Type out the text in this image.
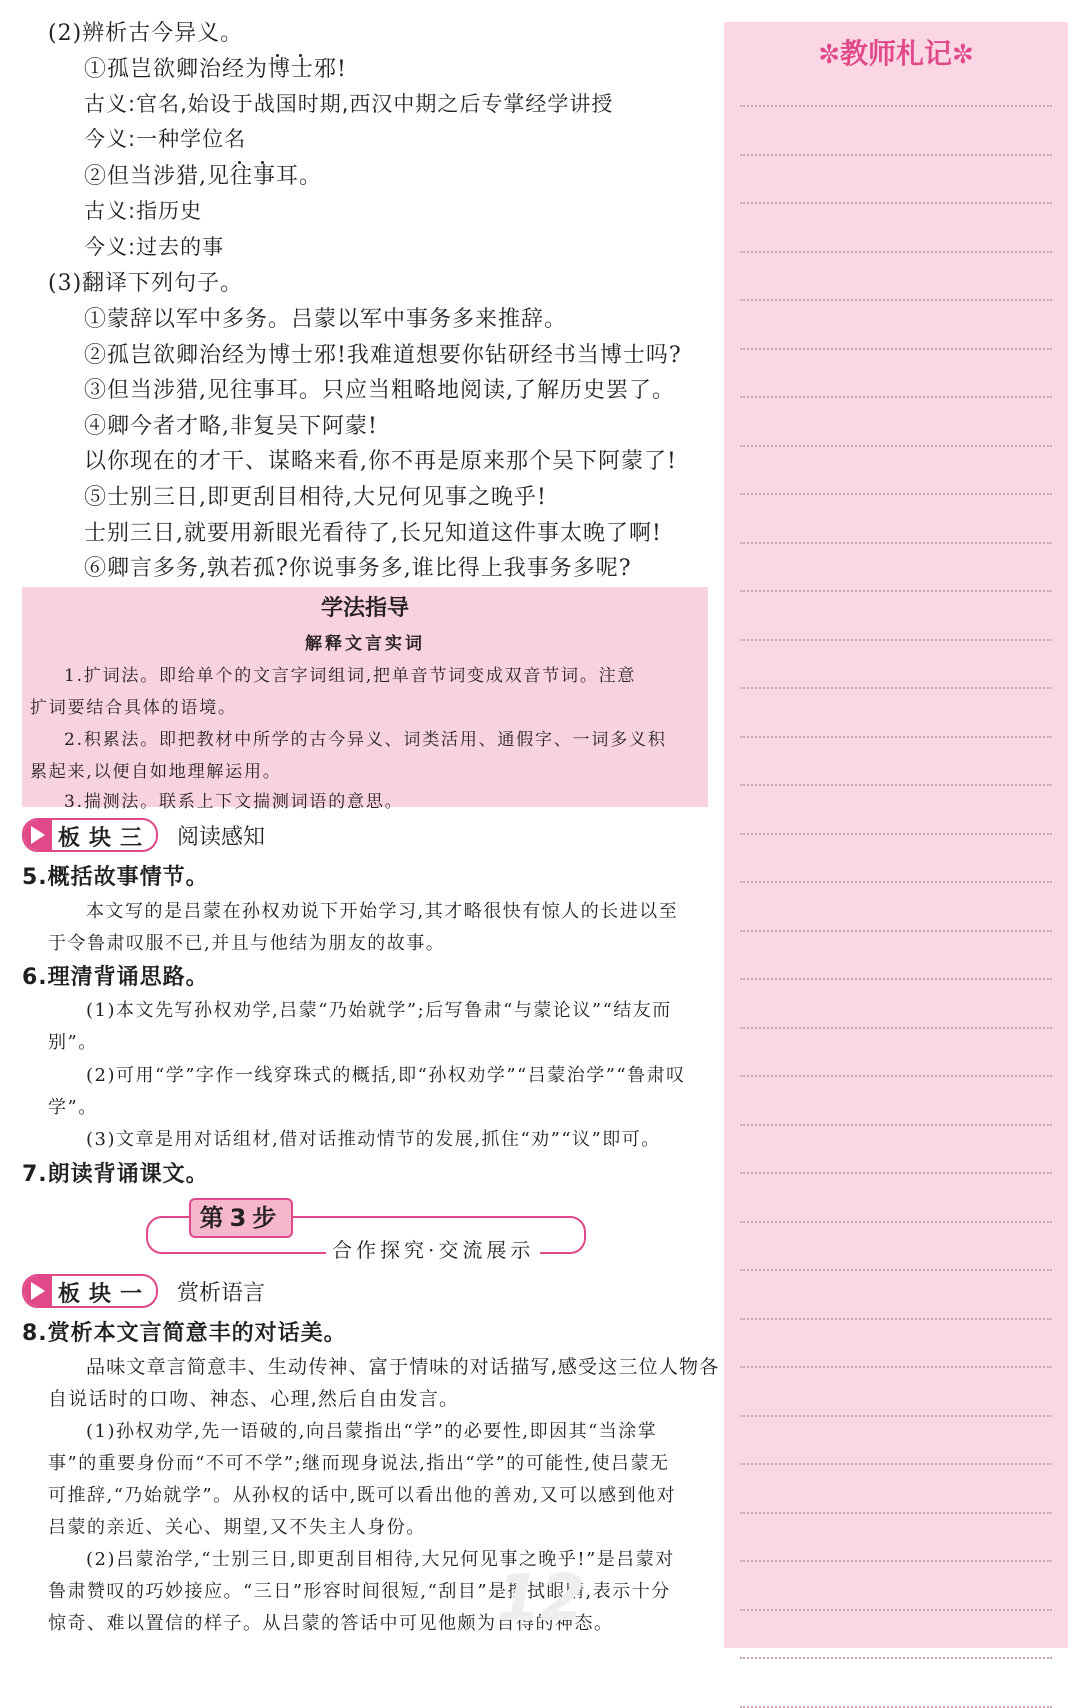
(2)辨析古今异义。
①孤岂欲卿治经为博士
邪!
古义:官名,始设于战国时期,西汉中期之后专掌经学讲授
今义:一种学位名
②但当涉猎,见往事
耳。
古义:指历史
今义:过去的事
(3)翻译下列句子。
①蒙辞以军中多务。吕蒙以军中事务多来推辞。
②孤岂欲卿治经为博士邪!我难道想要你钻研经书当博士吗?
③但当涉猎,见往事耳。只应当粗略地阅读,了解历史罢了。
④卿今者才略,非复吴下阿蒙!
以你现在的才干、谋略来看,你不再是原来那个吴下阿蒙了!
⑤士别三日,即更刮目相待,大兄何见事之晚乎!
士别三日,就要用新眼光看待了,长兄知道这件事太晚了啊!
⑥卿言多务,孰若孤?你说事务多,谁比得上我事务多呢?
学法指导
解释文言实词
1.扩词法。即给单个的文言字词组词,把单音节词变成双音节词。注意
扩词要结合具体的语境。
2.积累法。即把教材中所学的古今异义、词类活用、通假字、一词多义积
累起来,以便自如地理解运用。
3.揣测法。联系上下文揣测词语的意思。
板块三 阅读感知
5.概括故事情节。
本文写的是吕蒙在孙权劝说下开始学习,其才略很快有惊人的长进以至
于令鲁肃叹服不已,并且与他结为朋友的故事。
6.理清背诵思路。
(1)本文先写孙权劝学,吕蒙“乃始就学”;后写鲁肃“与蒙论议”“结友而
别”。
(2)可用“学”字作一线穿珠式的概括,即“孙权劝学”“吕蒙治学”“鲁肃叹
学”。
(3)文章是用对话组材,借对话推动情节的发展,抓住“劝”“议”即可。
7.朗读背诵课文。
第3步
合作探究·交流展示
板块一 赏析语言
8.赏析本文言简意丰的对话美。
品味文章言简意丰、生动传神、富于情味的对话描写,感受这三位人物各
自说话时的口吻、神态、心理,然后自由发言。
(1)孙权劝学,先一语破的,向吕蒙指出“学”的必要性,即因其“当涂掌
事”的重要身份而“不可不学”;继而现身说法,指出“学”的可能性,使吕蒙无
可推辞,“乃始就学”。从孙权的话中,既可以看出他的善劝,又可以感到他对
吕蒙的亲近、关心、期望,又不失主人身份。
(2)吕蒙治学,“士别三日,即更刮目相待,大兄何见事之晚乎!”是吕蒙对
鲁肃赞叹的巧妙接应。“三日”形容时间很短,“刮目”是擦拭眼睛,表示十分
惊奇、难以置信的样子。从吕蒙的答话中可见他颇为自得的神态。
12
✼教师札记✼
